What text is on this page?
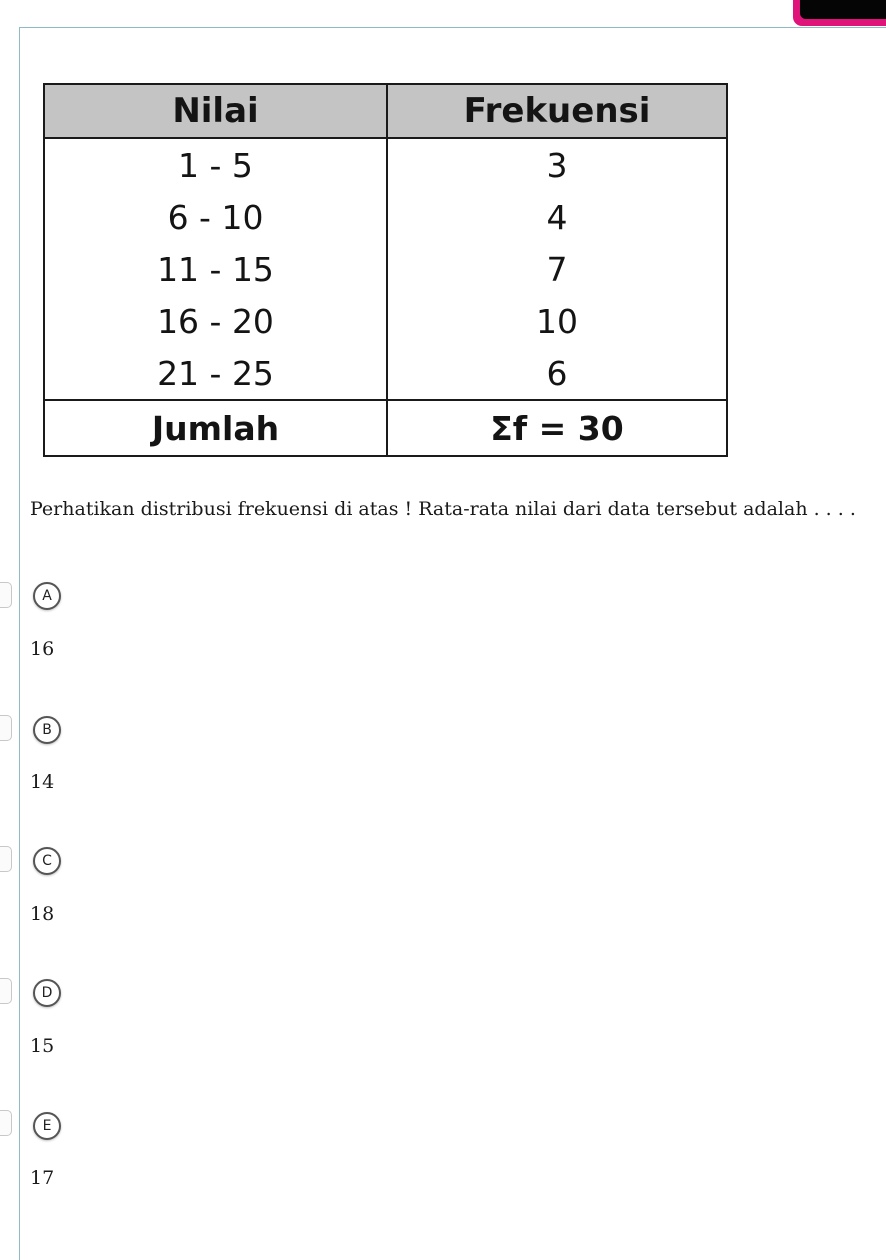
Nilai	Frekuensi
1 - 5	3
6 - 10	4
11 - 15	7
16 - 20	10
21 - 25	6
Jumlah	Σf = 30
Perhatikan distribusi frekuensi di atas ! Rata-rata nilai dari data tersebut adalah . . . .
A
16
B
14
C
18
D
15
E
17
